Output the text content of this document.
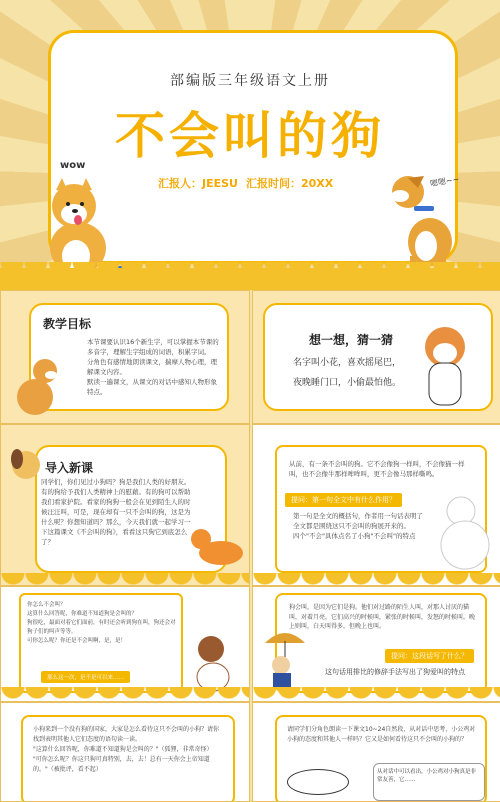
部编版三年级语文上册
不会叫的狗
汇报人：JEESU 汇报时间：20XX
wow
嗯嗯~~
教学目标
本节课要认识16个新生字，可以掌握本节课的多音字，理解生字组成的词语，积累字词。
分角色有感情地朗读课文，揣摩人物心理，理解课文内容。
默读一遍课文，从课文的对话中感知人物形象特点。
想一想，猜一猜
名字叫小花，喜欢摇尾巴，
夜晚睡门口，小偷最怕他。
导入新课
同学们，你们见过小狗吗？狗是我们人类的好朋友。有的狗给予我们人类精神上的慰藉。有的狗可以帮助我们看家护院。看家的狗狗一般会在见到陌生人的时候汪汪叫，可是，现在却有一只不会叫的狗，这是为什么呢？你想知道吗？那么，今天我们就一起学习一下这篇课文《不会叫的狗》，看看这只狗它到底怎么了？
从前，有一条不会叫的狗。它不会像狗一样叫，不会像猫一样叫，也不会像牛那样哞哞叫，更不会像马那样嘶鸣。
提问：第一句全文中有什么作用？
第一句是全文的概括句，作者用一句话表明了全文都是围绕这只不会叫的狗展开来的。
四个"不会"具体点名了小狗"不会叫"的特点
你怎么不会叫？
这算什么回答呢，你难道不知道狗是会叫的？
狗很吃，最面对着它们面前，有时还会听到狗在叫，狗还会对狗子们的叫声等等。
可你怎么呢？你还是不会叫啊，是，是！
那么这一次，是不是可以来……
狗会叫，是因为它们是狗。他们对过路的陌生人叫，对那人讨厌的猫叫，对着月亮，它们高兴的时候叫，紧张的时候叫，发怒的时候叫。晚上则叫，白天叫得多，但晚上也叫。
提问：这段话写了什么？
这句话用排比的修辞手法写出了狗爱叫的特点
小狗来到一个没有狗的国家，大家是怎么看待这只不会叫的小狗？请你找到表明其他人它们态度的语句读一读。
"这算什么回答呢，你难道不知道狗是会叫的？"（狐狸，非常奇怪）
"可你怎么呢？你这只狗可真特别，去，去！总有一天你会上帝知道的。"（被批评，看不起）
请同学们分角色朗读一下课文10~24自然段，从对话中思考，小公鸡对小狗的态度和其他人一样吗？它又是如何看待这只不会叫的小狗的？
从对话中可以看出，小公鸡对小狗真是非常友善，它……
